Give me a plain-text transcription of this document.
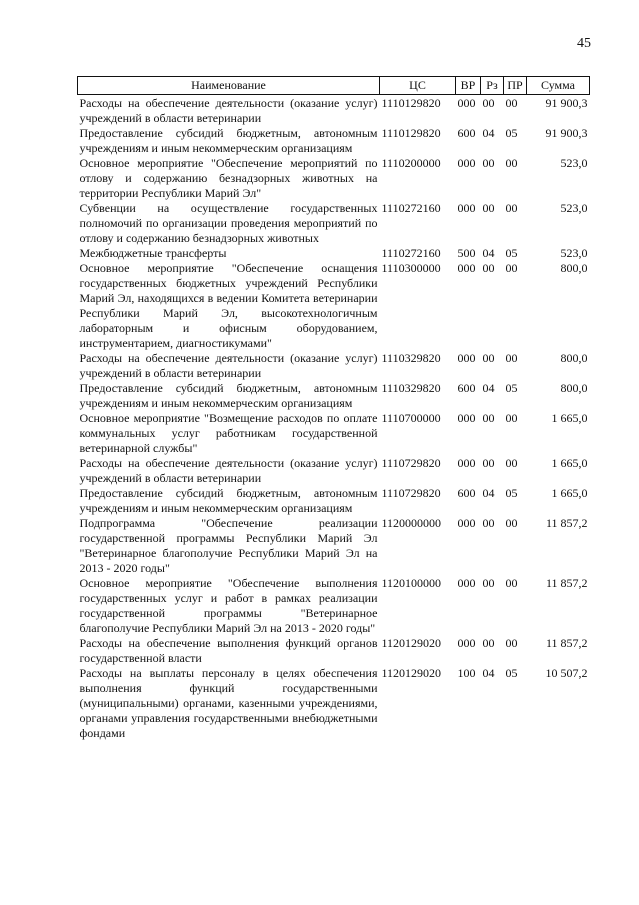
45
Наименование	ЦС	ВР	Рз	ПР	Сумма

Расходы на обеспечение деятельности (оказание услуг) учреждений в области ветеринарии	1110129820	000	00	00	91 900,3
Предоставление субсидий бюджетным, автономным учреждениям и иным некоммерческим организациям	1110129820	600	04	05	91 900,3
Основное мероприятие "Обеспечение мероприятий по отлову и содержанию безнадзорных животных на территории Республики Марий Эл"	1110200000	000	00	00	523,0
Субвенции на осуществление государственных полномочий по организации проведения мероприятий по отлову и содержанию безнадзорных животных	1110272160	000	00	00	523,0
Межбюджетные трансферты	1110272160	500	04	05	523,0
Основное мероприятие "Обеспечение оснащения государственных бюджетных учреждений Республики Марий Эл, находящихся в ведении Комитета ветеринарии Республики Марий Эл, высокотехнологичным лабораторным и офисным оборудованием, инструментарием, диагностикумами"	1110300000	000	00	00	800,0
Расходы на обеспечение деятельности (оказание услуг) учреждений в области ветеринарии	1110329820	000	00	00	800,0
Предоставление субсидий бюджетным, автономным учреждениям и иным некоммерческим организациям	1110329820	600	04	05	800,0
Основное мероприятие "Возмещение расходов по оплате коммунальных услуг работникам государственной ветеринарной службы"	1110700000	000	00	00	1 665,0
Расходы на обеспечение деятельности (оказание услуг) учреждений в области ветеринарии	1110729820	000	00	00	1 665,0
Предоставление субсидий бюджетным, автономным учреждениям и иным некоммерческим организациям	1110729820	600	04	05	1 665,0
Подпрограмма "Обеспечение реализации государственной программы Республики Марий Эл "Ветеринарное благополучие Республики Марий Эл на 2013 - 2020 годы"	1120000000	000	00	00	11 857,2
Основное мероприятие "Обеспечение выполнения государственных услуг и работ в рамках реализации государственной программы "Ветеринарное благополучие Республики Марий Эл на 2013 - 2020 годы"	1120100000	000	00	00	11 857,2
Расходы на обеспечение выполнения функций органов государственной власти	1120129020	000	00	00	11 857,2
Расходы на выплаты персоналу в целях обеспечения выполнения функций государственными (муниципальными) органами, казенными учреждениями, органами управления государственными внебюджетными фондами	1120129020	100	04	05	10 507,2
